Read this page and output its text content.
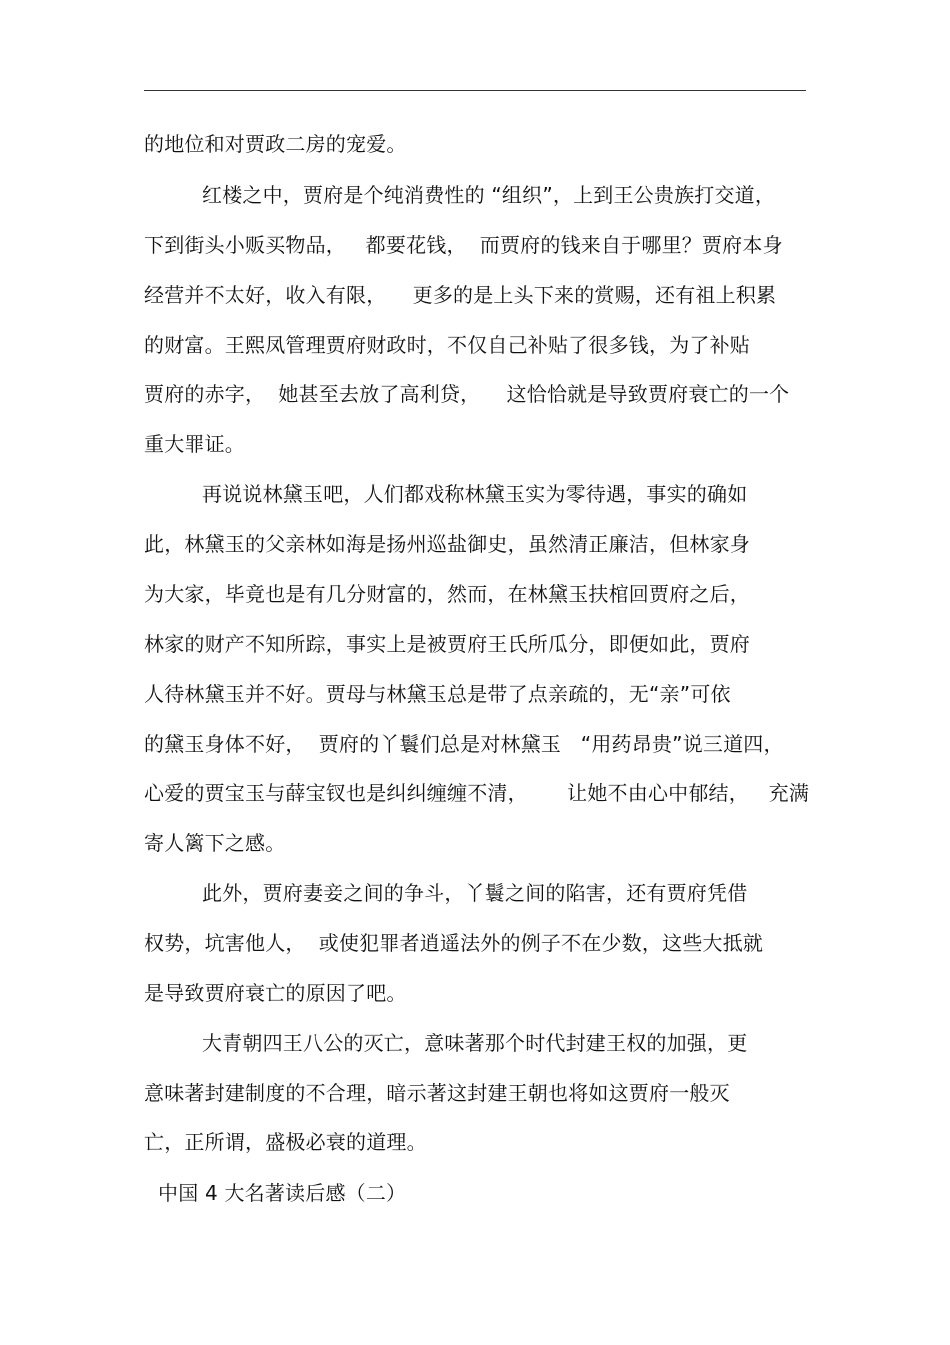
的地位和对贾政二房的宠爱。

红楼之中，贾府是个纯消费性的 “组织”，上到王公贵族打交道，

下到街头小贩买物品，   都要花钱，  而贾府的钱来自于哪里？贾府本身

经营并不太好，收入有限，    更多的是上头下来的赏赐，还有祖上积累

的财富。王熙凤管理贾府财政时，不仅自己补贴了很多钱，为了补贴

贾府的赤字，  她甚至去放了高利贷，    这恰恰就是导致贾府衰亡的一个

重大罪证。

再说说林黛玉吧，人们都戏称林黛玉实为零待遇，事实的确如

此，林黛玉的父亲林如海是扬州巡盐御史，虽然清正廉洁，但林家身

为大家，毕竟也是有几分财富的，然而，在林黛玉扶棺回贾府之后，

林家的财产不知所踪，事实上是被贾府王氏所瓜分，即便如此，贾府

人待林黛玉并不好。贾母与林黛玉总是带了点亲疏的，无“亲”可依

的黛玉身体不好，  贾府的丫鬟们总是对林黛玉   “用药昂贵”说三道四，

心爱的贾宝玉与薛宝钗也是纠纠缠缠不清，      让她不由心中郁结，   充满

寄人篱下之感。

此外，贾府妻妾之间的争斗，丫鬟之间的陷害，还有贾府凭借

权势，坑害他人，  或使犯罪者逍遥法外的例子不在少数，这些大抵就

是导致贾府衰亡的原因了吧。

大青朝四王八公的灭亡，意味著那个时代封建王权的加强，更

意味著封建制度的不合理，暗示著这封建王朝也将如这贾府一般灭

亡，正所谓，盛极必衰的道理。

中国 4 大名著读后感（二）
